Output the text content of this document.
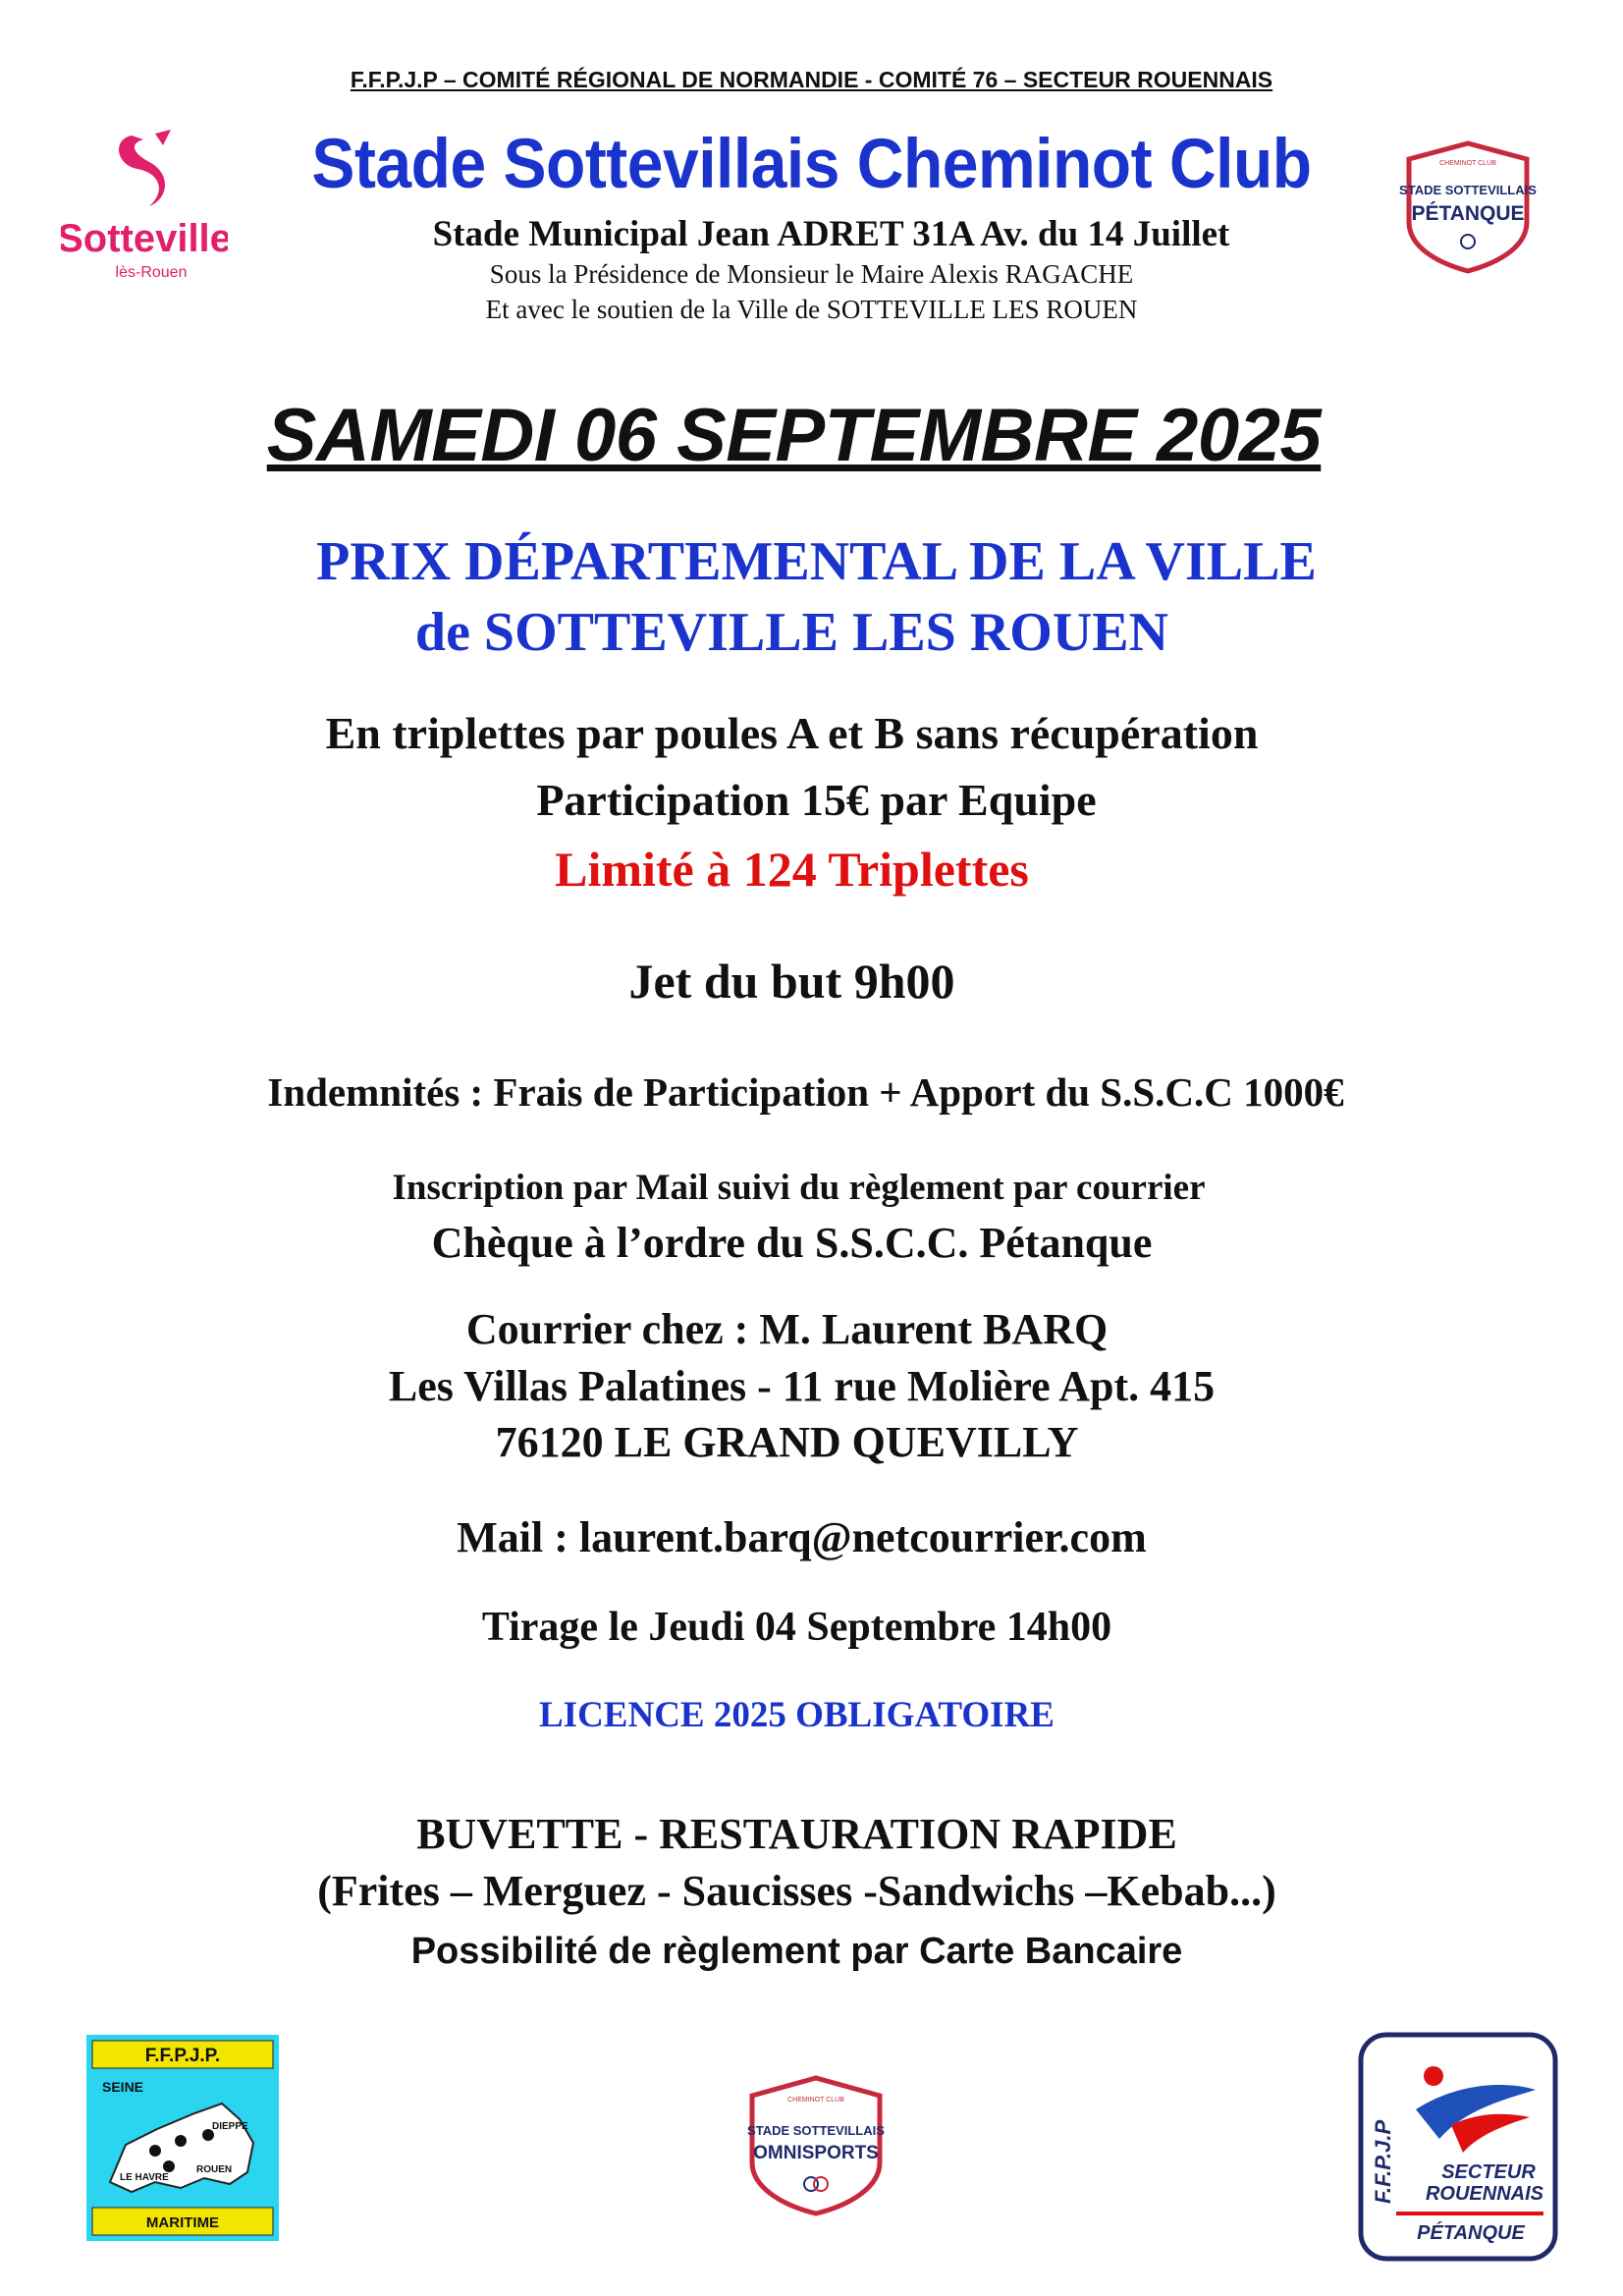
F.F.P.J.P – COMITÉ RÉGIONAL DE NORMANDIE - COMITÉ 76 – SECTEUR ROUENNAIS
Stade Sottevillais Cheminot Club
Stade Municipal Jean ADRET 31A Av. du 14 Juillet
Sous la Présidence de Monsieur le Maire Alexis RAGACHE
Et avec le soutien de la Ville de SOTTEVILLE LES ROUEN
Sotteville
lès-Rouen
CHEMINOT CLUB
STADE SOTTEVILLAIS
PÉTANQUE
SAMEDI 06 SEPTEMBRE 2025
PRIX DÉPARTEMENTAL DE LA VILLE
de SOTTEVILLE LES ROUEN
En triplettes par poules A et B sans récupération
Participation 15€ par Equipe
Limité à 124 Triplettes
Jet du but 9h00
Indemnités : Frais de Participation + Apport du S.S.C.C 1000€
Inscription par Mail suivi du règlement par courrier
Chèque à l’ordre du S.S.C.C. Pétanque
Courrier chez : M. Laurent BARQ
Les Villas Palatines - 11 rue Molière Apt. 415
76120 LE GRAND QUEVILLY
Mail : laurent.barq@netcourrier.com
Tirage le Jeudi 04 Septembre 14h00
LICENCE 2025 OBLIGATOIRE
BUVETTE - RESTAURATION RAPIDE
(Frites – Merguez - Saucisses -Sandwichs –Kebab...)
Possibilité de règlement par Carte Bancaire
F.F.P.J.P.
SEINE
DIEPPE
LE HAVRE
ROUEN
MARITIME
CHEMINOT CLUB
STADE SOTTEVILLAIS
OMNISPORTS	F.F.P.J.P SECTEUR
ROUENNAIS
PÉTANQUE
